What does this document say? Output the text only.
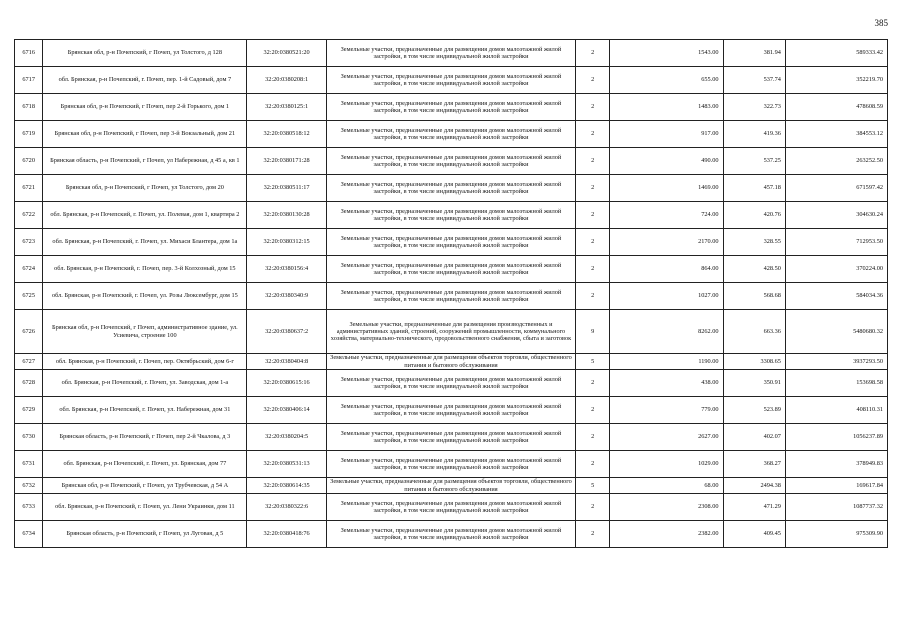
385
6716	Брянская обл, р-н Почепский, г Почеп, ул Толстого, д 128	32:20:0380521:20	Земельные участки, предназначенные для размещения домов малоэтажной жилой застройки, в том числе индивидуальной жилой застройки	2	1543.00	381.94	589333.42
6717	обл. Брянская, р-н Почепский, г. Почеп, пер. 1-й Садовый, дом 7	32:20:0380208:1	Земельные участки, предназначенные для размещения домов малоэтажной жилой застройки, в том числе индивидуальной жилой застройки	2	655.00	537.74	352219.70
6718	Брянская обл, р-н Почепский, г Почеп, пер 2-й Горького, дом 1	32:20:0380125:1	Земельные участки, предназначенные для размещения домов малоэтажной жилой застройки, в том числе индивидуальной жилой застройки	2	1483.00	322.73	478608.59
6719	Брянская обл, р-н Почепский, г Почеп, пер 3-й Вокзальный, дом 21	32:20:0380518:12	Земельные участки, предназначенные для размещения домов малоэтажной жилой застройки, в том числе индивидуальной жилой застройки	2	917.00	419.36	384553.12
6720	Брянская область, р-н Почепский, г Почеп, ул Набережная, д 45 а, кв 1	32:20:0380171:28	Земельные участки, предназначенные для размещения домов малоэтажной жилой застройки, в том числе индивидуальной жилой застройки	2	490.00	537.25	263252.50
6721	Брянская обл, р-н Почепский, г Почеп, ул Толстого, дом 20	32:20:0380511:17	Земельные участки, предназначенные для размещения домов малоэтажной жилой застройки, в том числе индивидуальной жилой застройки	2	1469.00	457.18	671597.42
6722	обл. Брянская, р-н Почепский, г. Почеп, ул. Полевая, дом 1, квартира 2	32:20:0380130:28	Земельные участки, предназначенные для размещения домов малоэтажной жилой застройки, в том числе индивидуальной жилой застройки	2	724.00	420.76	304630.24
6723	обл. Брянская, р-н Почепский, г. Почеп, ул. Михаси Блантера, дом 1а	32:20:0380312:15	Земельные участки, предназначенные для размещения домов малоэтажной жилой застройки, в том числе индивидуальной жилой застройки	2	2170.00	328.55	712953.50
6724	обл. Брянская, р-н Почепский, г. Почеп, пер. 3-й Колхозный, дом 15	32:20:0380156:4	Земельные участки, предназначенные для размещения домов малоэтажной жилой застройки, в том числе индивидуальной жилой застройки	2	864.00	428.50	370224.00
6725	обл. Брянская, р-н Почепский, г. Почеп, ул. Розы Люксембург, дом 15	32:20:0380340:9	Земельные участки, предназначенные для размещения домов малоэтажной жилой застройки, в том числе индивидуальной жилой застройки	2	1027.00	568.68	584034.36
6726	Брянская обл, р-н Почепский, г Почеп, административное здание, ул. Усиевича, строение 100	32:20:0380637:2	Земельные участки, предназначенные для размещения производственных и административных зданий, строений, сооружений промышленности, коммунального хозяйства, материально-технического, продовольственного снабжения, сбыта и заготовок	9	8262.00	663.36	5480680.32
6727	обл. Брянская, р-н Почепский, г. Почеп, пер. Октябрьский, дом 6-г	32:20:0380404:8	Земельные участки, предназначенные для размещения объектов торговли, общественного питания и бытового обслуживания	5	1190.00	3308.65	3937293.50
6728	обл. Брянская, р-н Почепский, г. Почеп, ул. Заводская, дом 1-а	32:20:0380615:16	Земельные участки, предназначенные для размещения домов малоэтажной жилой застройки, в том числе индивидуальной жилой застройки	2	438.00	350.91	153698.58
6729	обл. Брянская, р-н Почепский, г. Почеп, ул. Набережная, дом 31	32:20:0380406:14	Земельные участки, предназначенные для размещения домов малоэтажной жилой застройки, в том числе индивидуальной жилой застройки	2	779.00	523.89	408110.31
6730	Брянская область, р-н Почепский, г Почеп, пер 2-й Чкалова, д 3	32:20:0380204:5	Земельные участки, предназначенные для размещения домов малоэтажной жилой застройки, в том числе индивидуальной жилой застройки	2	2627.00	402.07	1056237.89
6731	обл. Брянская, р-н Почепский, г. Почеп, ул. Брянская, дом 77	32:20:0380531:13	Земельные участки, предназначенные для размещения домов малоэтажной жилой застройки, в том числе индивидуальной жилой застройки	2	1029.00	368.27	378949.83
6732	Брянская обл, р-н Почепский, г Почеп, ул Трубчевская, д 54 А	32:20:0380614:35	Земельные участки, предназначенные для размещения объектов торговли, общественного питания и бытового обслуживания	5	68.00	2494.38	169617.84
6733	обл. Брянская, р-н Почепский, г. Почеп, ул. Лени Украинки, дом 11	32:20:0380322:6	Земельные участки, предназначенные для размещения домов малоэтажной жилой застройки, в том числе индивидуальной жилой застройки	2	2308.00	471.29	1087737.32
6734	Брянская область, р-н Почепский, г Почеп, ул Луговая, д 5	32:20:0380418:76	Земельные участки, предназначенные для размещения домов малоэтажной жилой застройки, в том числе индивидуальной жилой застройки	2	2382.00	409.45	975309.90
